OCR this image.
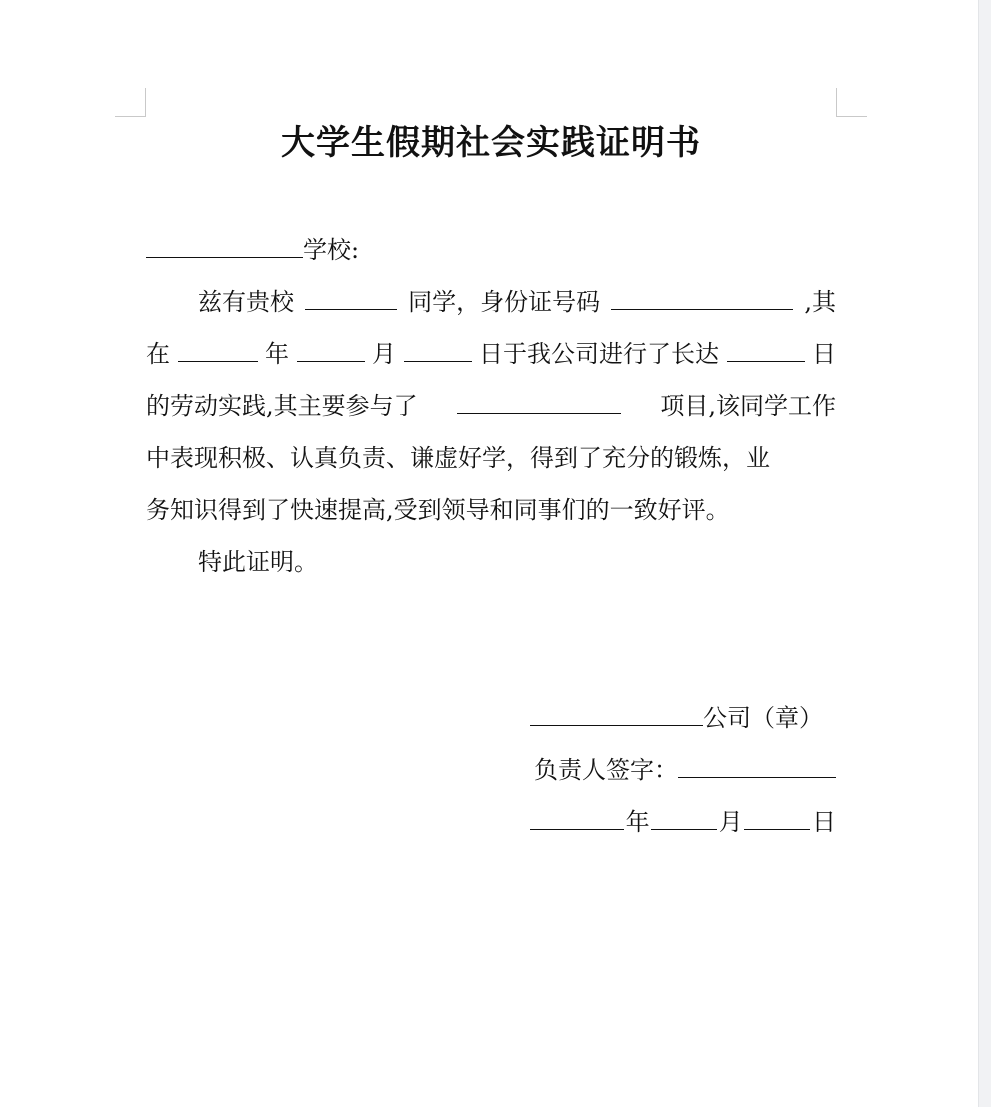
大学生假期社会实践证明书
学校:
兹有贵校	同学，身份证号码	,其
在	年	月	日于我公司进行了长达	日
的劳动实践,其主要参与了	项目,该同学工作
中表现积极、认真负责、谦虚好学，得到了充分的锻炼，业
务知识得到了快速提高,受到领导和同事们的一致好评。
特此证明。
公司（章）
负责人签字：
年	月	日
